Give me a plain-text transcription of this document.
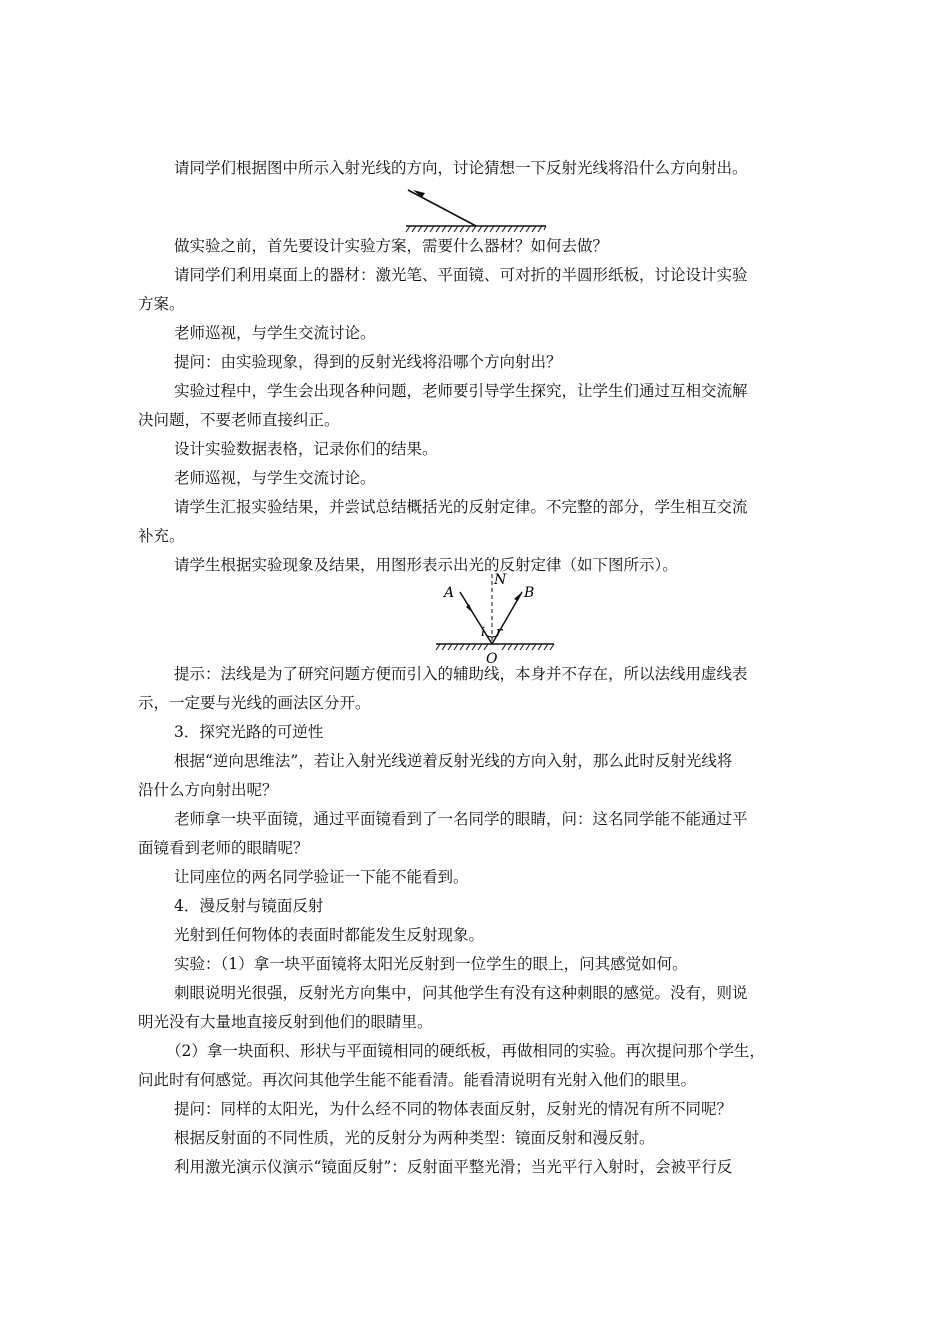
请同学们根据图中所示入射光线的方向，讨论猜想一下反射光线将沿什么方向射出。

做实验之前，首先要设计实验方案，需要什么器材？如何去做？

请同学们利用桌面上的器材：激光笔、平面镜、可对折的半圆形纸板，讨论设计实验

方案。

老师巡视，与学生交流讨论。

提问：由实验现象，得到的反射光线将沿哪个方向射出？

实验过程中，学生会出现各种问题，老师要引导学生探究，让学生们通过互相交流解

决问题，不要老师直接纠正。

设计实验数据表格，记录你们的结果。

老师巡视，与学生交流讨论。

请学生汇报实验结果，并尝试总结概括光的反射定律。不完整的部分，学生相互交流

补充。

请学生根据实验现象及结果，用图形表示出光的反射定律（如下图所示）。

A	B
N
i r
O

提示：法线是为了研究问题方便而引入的辅助线，本身并不存在，所以法线用虚线表

示，一定要与光线的画法区分开。

3．探究光路的可逆性

根据“逆向思维法”，若让入射光线逆着反射光线的方向入射，那么此时反射光线将

沿什么方向射出呢？

老师拿一块平面镜，通过平面镜看到了一名同学的眼睛，问：这名同学能不能通过平

面镜看到老师的眼睛呢？

让同座位的两名同学验证一下能不能看到。

4．漫反射与镜面反射

光射到任何物体的表面时都能发生反射现象。

实验：（1）拿一块平面镜将太阳光反射到一位学生的眼上，问其感觉如何。

刺眼说明光很强，反射光方向集中，问其他学生有没有这种刺眼的感觉。没有，则说

明光没有大量地直接反射到他们的眼睛里。

（2）拿一块面积、形状与平面镜相同的硬纸板，再做相同的实验。再次提问那个学生，

问此时有何感觉。再次问其他学生能不能看清。能看清说明有光射入他们的眼里。

提问：同样的太阳光，为什么经不同的物体表面反射，反射光的情况有所不同呢？

根据反射面的不同性质，光的反射分为两种类型：镜面反射和漫反射。

利用激光演示仪演示“镜面反射”：反射面平整光滑；当光平行入射时，会被平行反
